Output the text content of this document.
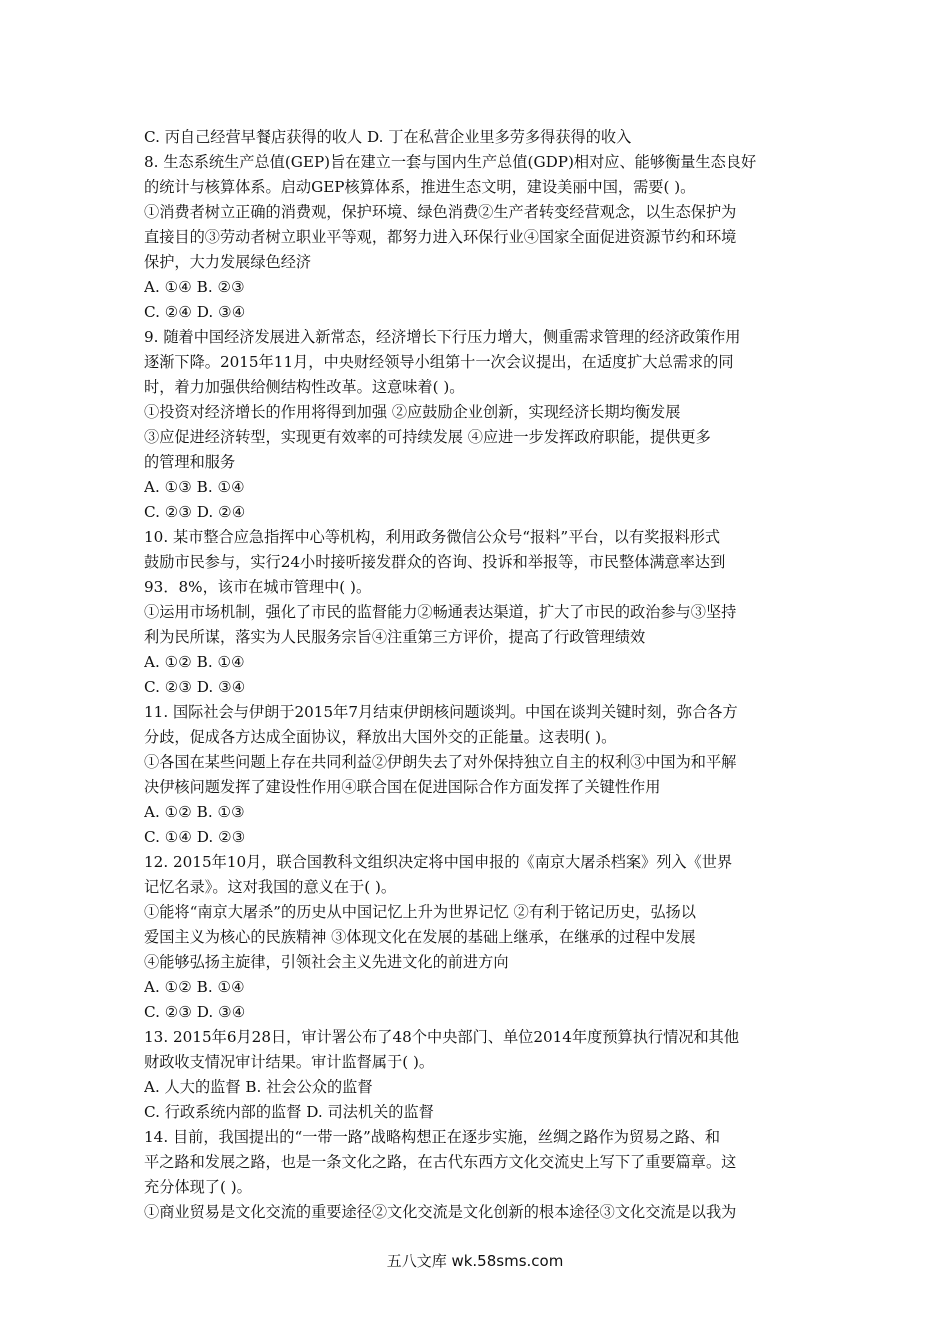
C. 丙自己经营早餐店获得的收人 D. 丁在私营企业里多劳多得获得的收入
8. 生态系统生产总值(GEP)旨在建立一套与国内生产总值(GDP)相对应、能够衡量生态良好
的统计与核算体系。启动GEP核算体系，推进生态文明，建设美丽中国，需要( )。
①消费者树立正确的消费观，保护环境、绿色消费②生产者转变经营观念，以生态保护为
直接目的③劳动者树立职业平等观，都努力进入环保行业④国家全面促进资源节约和环境
保护，大力发展绿色经济
A. ①④ B. ②③
C. ②④ D. ③④
9. 随着中国经济发展进入新常态，经济增长下行压力增大，侧重需求管理的经济政策作用
逐渐下降。2015年11月，中央财经领导小组第十一次会议提出，在适度扩大总需求的同
时，着力加强供给侧结构性改革。这意味着( )。
①投资对经济增长的作用将得到加强 ②应鼓励企业创新，实现经济长期均衡发展
③应促进经济转型，实现更有效率的可持续发展 ④应进一步发挥政府职能，提供更多
的管理和服务
A. ①③ B. ①④
C. ②③ D. ②④
10. 某市整合应急指挥中心等机构，利用政务微信公众号“报料”平台，以有奖报料形式
鼓励市民参与，实行24小时接听接发群众的咨询、投诉和举报等，市民整体满意率达到
93．8%，该市在城市管理中( )。
①运用市场机制，强化了市民的监督能力②畅通表达渠道，扩大了市民的政治参与③坚持
利为民所谋，落实为人民服务宗旨④注重第三方评价，提高了行政管理绩效
A. ①② B. ①④
C. ②③ D. ③④
11. 国际社会与伊朗于2015年7月结束伊朗核问题谈判。中国在谈判关键时刻，弥合各方
分歧，促成各方达成全面协议，释放出大国外交的正能量。这表明( )。
①各国在某些问题上存在共同利益②伊朗失去了对外保持独立自主的权利③中国为和平解
决伊核问题发挥了建设性作用④联合国在促进国际合作方面发挥了关键性作用
A. ①② B. ①③
C. ①④ D. ②③
12. 2015年10月，联合国教科文组织决定将中国申报的《南京大屠杀档案》列入《世界
记忆名录》。这对我国的意义在于( )。
①能将“南京大屠杀”的历史从中国记忆上升为世界记忆 ②有利于铭记历史，弘扬以
爱国主义为核心的民族精神 ③体现文化在发展的基础上继承，在继承的过程中发展
④能够弘扬主旋律，引领社会主义先进文化的前进方向
A. ①② B. ①④
C. ②③ D. ③④
13. 2015年6月28日，审计署公布了48个中央部门、单位2014年度预算执行情况和其他
财政收支情况审计结果。审计监督属于( )。
A. 人大的监督 B. 社会公众的监督
C. 行政系统内部的监督 D. 司法机关的监督
14. 目前，我国提出的“一带一路”战略构想正在逐步实施，丝绸之路作为贸易之路、和
平之路和发展之路，也是一条文化之路，在古代东西方文化交流史上写下了重要篇章。这
充分体现了( )。
①商业贸易是文化交流的重要途径②文化交流是文化创新的根本途径③文化交流是以我为
五八文库 wk.58sms.com
